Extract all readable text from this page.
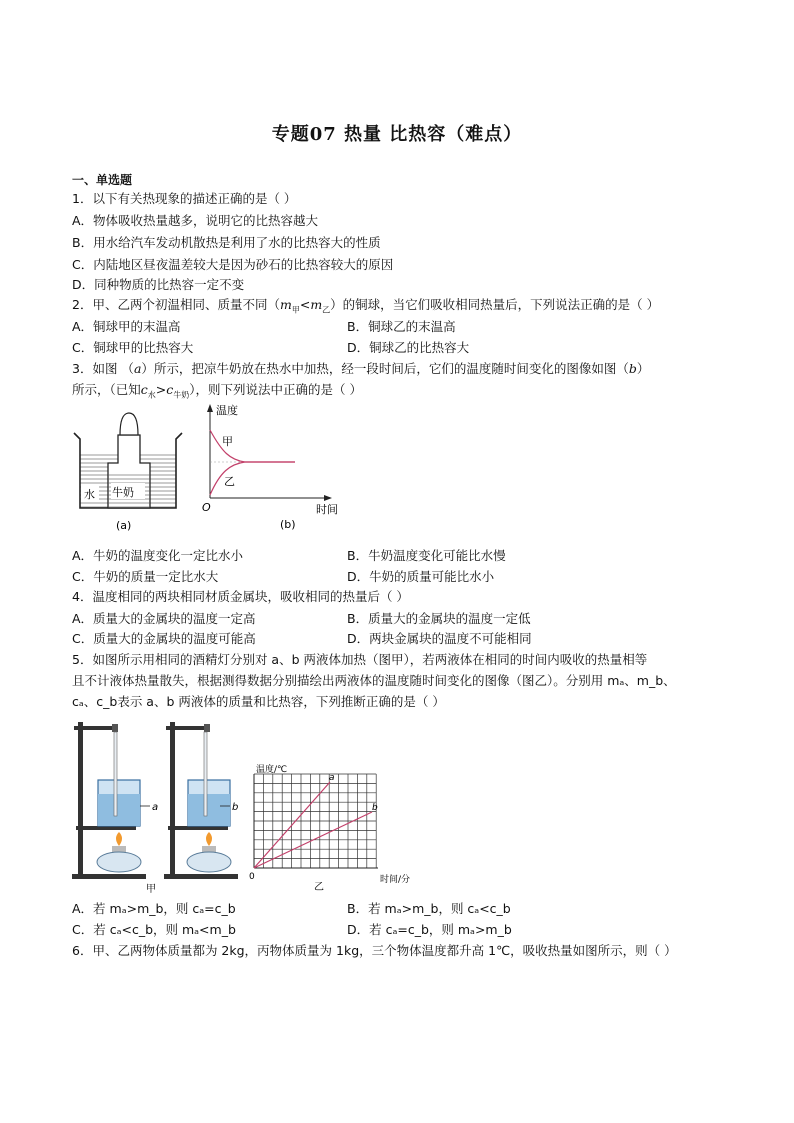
专题07 热量 比热容（难点）
一、单选题
1．以下有关热现象的描述正确的是（ ）
A．物体吸收热量越多，说明它的比热容越大
B．用水给汽车发动机散热是利用了水的比热容大的性质
C．内陆地区昼夜温差较大是因为砂石的比热容较大的原因
D．同种物质的比热容一定不变
2．甲、乙两个初温相同、质量不同$(m_甲<m_乙)$的铜球，当它们吸收相同热量后，下列说法正确的是（ ）
A．铜球甲的末温高	B．铜球乙的末温高
C．铜球甲的比热容大	D．铜球乙的比热容大
3．如图 （a）所示，把凉牛奶放在热水中加热，经一段时间后，它们的温度随时间变化的图像如图（b）
所示，（已知$c_水>c_{牛奶}$），则下列说法中正确的是（ ）
水 牛奶
(a)
温度
时间
O
甲
乙
(b)
A．牛奶的温度变化一定比水小	B．牛奶温度变化可能比水慢
C．牛奶的质量一定比水大	D．牛奶的质量可能比水小
4．温度相同的两块相同材质金属块，吸收相同的热量后（ ）
A．质量大的金属块的温度一定高	B．质量大的金属块的温度一定低
C．质量大的金属块的温度可能高	D．两块金属块的温度不可能相同
5．如图所示用相同的酒精灯分别对 a、b 两液体加热（图甲），若两液体在相同的时间内吸收的热量相等
且不计液体热量散失，根据测得数据分别描绘出两液体的温度随时间变化的图像（图乙）。分别用 mₐ、m_b、
cₐ、c_b表示 a、b 两液体的质量和比热容，下列推断正确的是（ ）
a	b
甲
温度/℃
a
b
0	时间/分
乙
A．若 mₐ>m_b，则 cₐ=c_b	B．若 mₐ>m_b，则 cₐ<c_b
C．若 cₐ<c_b，则 mₐ<m_b	D．若 cₐ=c_b，则 mₐ>m_b
6．甲、乙两物体质量都为 2kg，丙物体质量为 1kg，三个物体温度都升高 1℃，吸收热量如图所示，则（ ）
